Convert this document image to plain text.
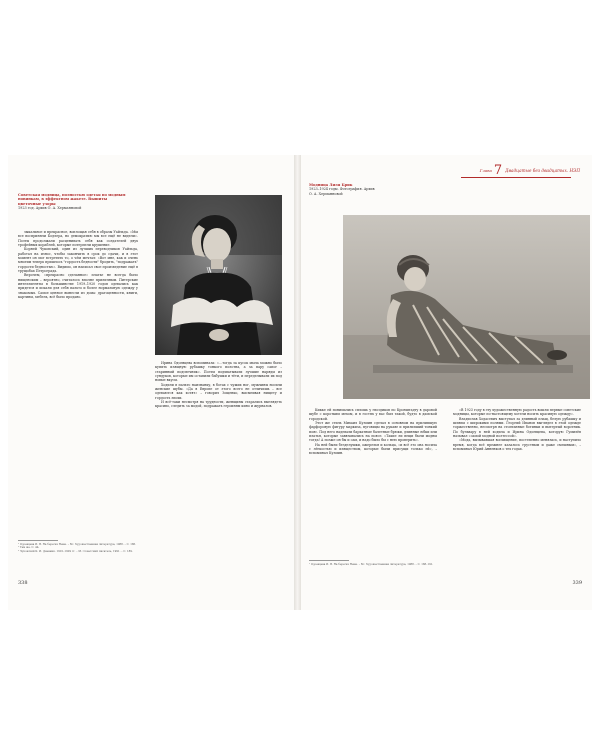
Советская модница, полностью одетая по модным новинкам, в эффектном жакете. Вышиты цветочные узоры
1923 год. Архив О. А. Херманновой

зыкальное и прекрасное, воплощая себя в образы Уайльда. «Мы все восприняли Бодлера, но демократию мы все ещё не видели». Поэты продолжали расценивать себя как создателей двух трофейных кораблей, которые потерпели крушение.

Корней Чуковский, один из лучших переводчиков Уайльда, работал на износ, чтобы закончить в срок до сдачи, и в этот момент он мог встретить то, о чём мечтал: «Вот мне, как и очень многим теперь пришлось "гордость бедности" бродить, "подражать" гордости бедностью». Видимо, он написал свое произведение ещё в трущобах Петрограда.

Впрочем, «прекрасно сделанное» платье не всегда было нищенским – вероятно, считалось вполне приличным. Питерские интеллигенты в большинстве 1919–1920 годов одевались как придется и искали для себя пальто и более нормальную одежду у знакомых. Самое ценное вынесли из дома: драгоценности, книги, картины, мебель, всё было продано.

Ирина Одоевцева вспоминала: «…тогда за кусок мыла можно было купить изящную рубашку тонкого полотна, а за пару сапог – старинный подсвечник». Поэты подхватывали лучшие наряды из сундуков, которые им оставили бабушки и тёти, и переделывали их под новые вкусы.

Ходили в пальто наизнанку, в ботах с чужих ног, мужчины носили женские шубы. «Да в Европе от этого всего не отличишь – все одеваются как хотят» – говорил Зощенко, высмеивая нищету и гордость эпохи.

И всё-таки несмотря на трудности, женщины старались выглядеть красиво, следить за модой, подражать героиням кино и журналов.

¹ Одоевцева И. В. На берегах Невы. – М.: Художественная литература, 1988. – С. 186.
² Там же. С. 44.
³ Чуковский К. И. Дневник. 1901–1929 гг. – М.: Советский писатель, 1991. – С. 189.
338
Глава 7 Двадцатые без двадцатых. НЭП
Модница Лиля Брик
1923–1924 годы. Фотография. Архив О. А. Херманновой

Кикке ей понимались сплошь у гвоздиков по Кронштадту в даровой шубе с коротким мехом, и в гостях у вас был такой, будто в дамской городской.

Этот же стиль Михаил Кузмин сделал в основном на прилипшую фарфоровую фигуру маркиза, пуговицы на рукаве и прилипший тонкий пояс. Под него надевали бархатные балетные брюки, длинные юбки или платья, которые завязывались на поясе. «Такие ли вещи были модны тогда! А позже он бы и сам, и надо было бы с нею проверить».

На ней были безделушки, ожерелья и кольца, «и всё это она носила с лёгкостью и изяществом, которые были присущи только ей», – вспоминал Кузмин.

«В 1923 году в эту художественную радость вошли первые советские модницы, которые по-настоящему хотели носить красивую одежду».

Владислав Ходасевич выступал за длинный плащ, белую рубашку и шляпы с широкими полями. Георгий Иванов выглядел в этой одежде торжественно, несмотря на стоптанные ботинки и вытертый воротник. По бульвару в ней ходила и Ирина Одоевцева, которую Гумилёв называл «самой модной поэтессой».

«Мода, вызывавшая восхищение, постепенно менялась, и наступило время, когда всё прежнее казалось грустным и даже смешным», – вспоминал Юрий Анненков о тех годах.

¹ Одоевцева И. В. На берегах Невы. – М.: Художественная литература, 1988. – С. 188–191.
339
